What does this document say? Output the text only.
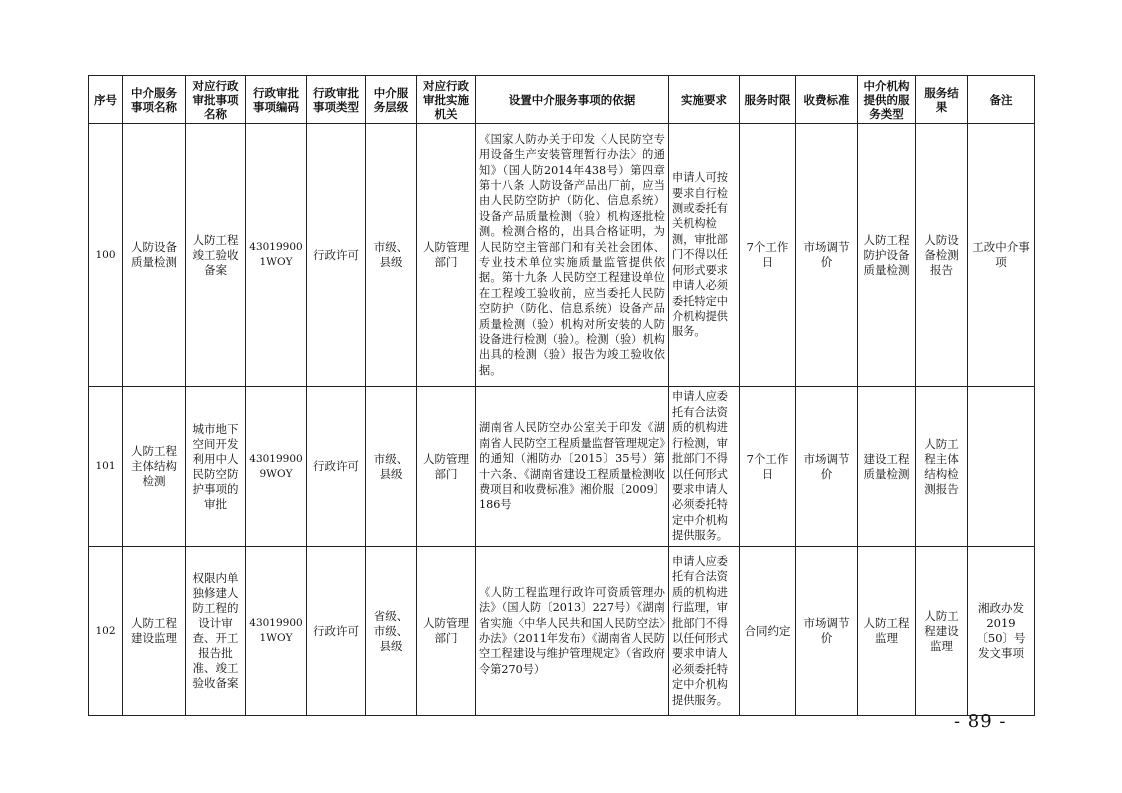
序号	中介服务事项名称	对应行政审批事项名称	行政审批事项编码	行政审批事项类型	中介服务层级	对应行政审批实施机关	设置中介服务事项的依据	实施要求	服务时限	收费标准	中介机构提供的服务类型	服务结果	备注
100	人防设备质量检测	人防工程竣工验收备案	430199001WOY	行政许可	市级、县级	人防管理部门	《国家人防办关于印发〈人民防空专用设备生产安装管理暂行办法〉的通知》（国人防2014年438号）第四章 第十八条 人防设备产品出厂前，应当由人民防空防护（防化、信息系统）设备产品质量检测（验）机构逐批检测。检测合格的，出具合格证明，为人民防空主管部门和有关社会团体、专业技术单位实施质量监管提供依据。第十九条 人民防空工程建设单位在工程竣工验收前，应当委托人民防空防护（防化、信息系统）设备产品质量检测（验）机构对所安装的人防设备进行检测（验）。检测（验）机构出具的检测（验）报告为竣工验收依据。	申请人可按要求自行检测或委托有关机构检测，审批部门不得以任何形式要求申请人必须委托特定中介机构提供服务。	7个工作日	市场调节价	人防工程防护设备质量检测	人防设备检测报告	工改中介事项
101	人防工程主体结构检测	城市地下空间开发利用中人民防空防护事项的审批	430199009WOY	行政许可	市级、县级	人防管理部门	湖南省人民防空办公室关于印发《湖南省人民防空工程质量监督管理规定》的通知（湘防办〔2015〕35号）第十六条、《湖南省建设工程质量检测收费项目和收费标准》湘价服〔2009〕186号	申请人应委托有合法资质的机构进行检测，审批部门不得以任何形式要求申请人必须委托特定中介机构提供服务。	7个工作日	市场调节价	建设工程质量检测	人防工程主体结构检测报告	
102	人防工程建设监理	权限内单独修建人防工程的设计审查、开工报告批准、竣工验收备案	430199001WOY	行政许可	省级、市级、县级	人防管理部门	《人防工程监理行政许可资质管理办法》（国人防〔2013〕227号）《湖南省实施〈中华人民共和国人民防空法〉办法》（2011年发布）《湖南省人民防空工程建设与维护管理规定》（省政府令第270号）	申请人应委托有合法资质的机构进行监理，审批部门不得以任何形式要求申请人必须委托特定中介机构提供服务。	合同约定	市场调节价	人防工程监理	人防工程建设监理	湘政办发2019〔50〕号发文事项
- 89 -
